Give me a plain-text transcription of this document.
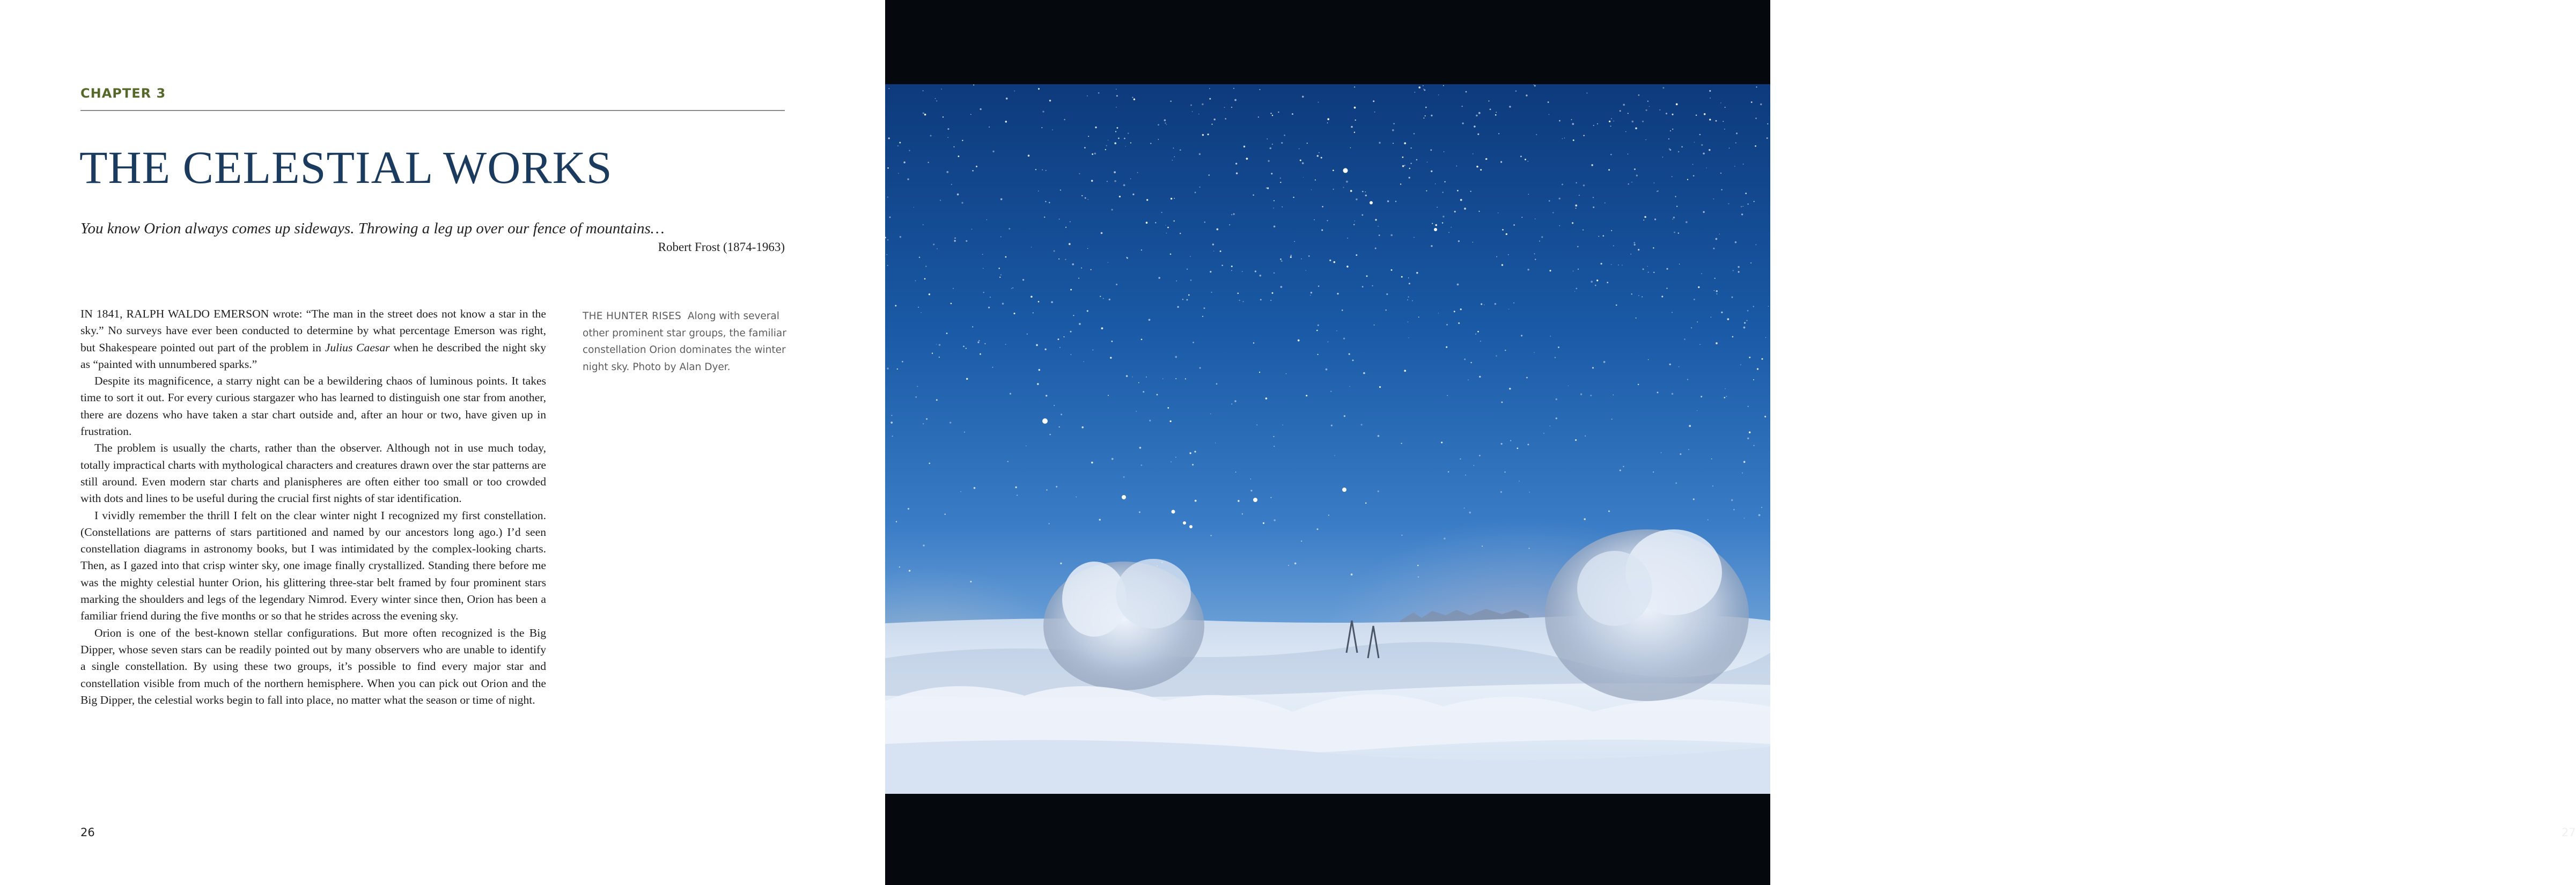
CHAPTER 3
THE CELESTIAL WORKS
You know Orion always comes up sideways. Throwing a leg up over our fence of mountains…
Robert Frost (1874-1963)

IN 1841, RALPH WALDO EMERSON wrote: “The man in the street does not know a star in the sky.” No surveys have ever been conducted to determine by what percentage Emerson was right, but Shakespeare pointed out part of the problem in Julius Caesar when he described the night sky as “painted with unnumbered sparks.”

Despite its magnificence, a starry night can be a bewildering chaos of luminous points. It takes time to sort it out. For every curious stargazer who has learned to distinguish one star from another, there are dozens who have taken a star chart outside and, after an hour or two, have given up in frustration.

The problem is usually the charts, rather than the observer. Although not in use much today, totally impractical charts with mythological characters and creatures drawn over the star patterns are still around. Even modern star charts and planispheres are often either too small or too crowded with dots and lines to be useful during the crucial first nights of star identification.

I vividly remember the thrill I felt on the clear winter night I recognized my first constellation. (Constellations are patterns of stars partitioned and named by our ancestors long ago.) I’d seen constellation diagrams in astronomy books, but I was intimidated by the complex-looking charts. Then, as I gazed into that crisp winter sky, one image finally crystallized. Standing there before me was the mighty celestial hunter Orion, his glittering three-star belt framed by four prominent stars marking the shoulders and legs of the legendary Nimrod. Every winter since then, Orion has been a familiar friend during the five months or so that he strides across the evening sky.

Orion is one of the best-known stellar configurations. But more often recognized is the Big Dipper, whose seven stars can be readily pointed out by many observers who are unable to identify a single constellation. By using these two groups, it’s possible to find every major star and constellation visible from much of the northern hemisphere. When you can pick out Orion and the Big Dipper, the celestial works begin to fall into place, no matter what the season or time of night.

THE HUNTER RISES Along with several other prominent star groups, the familiar constellation Orion dominates the winter night sky. Photo by Alan Dyer.
26	27
